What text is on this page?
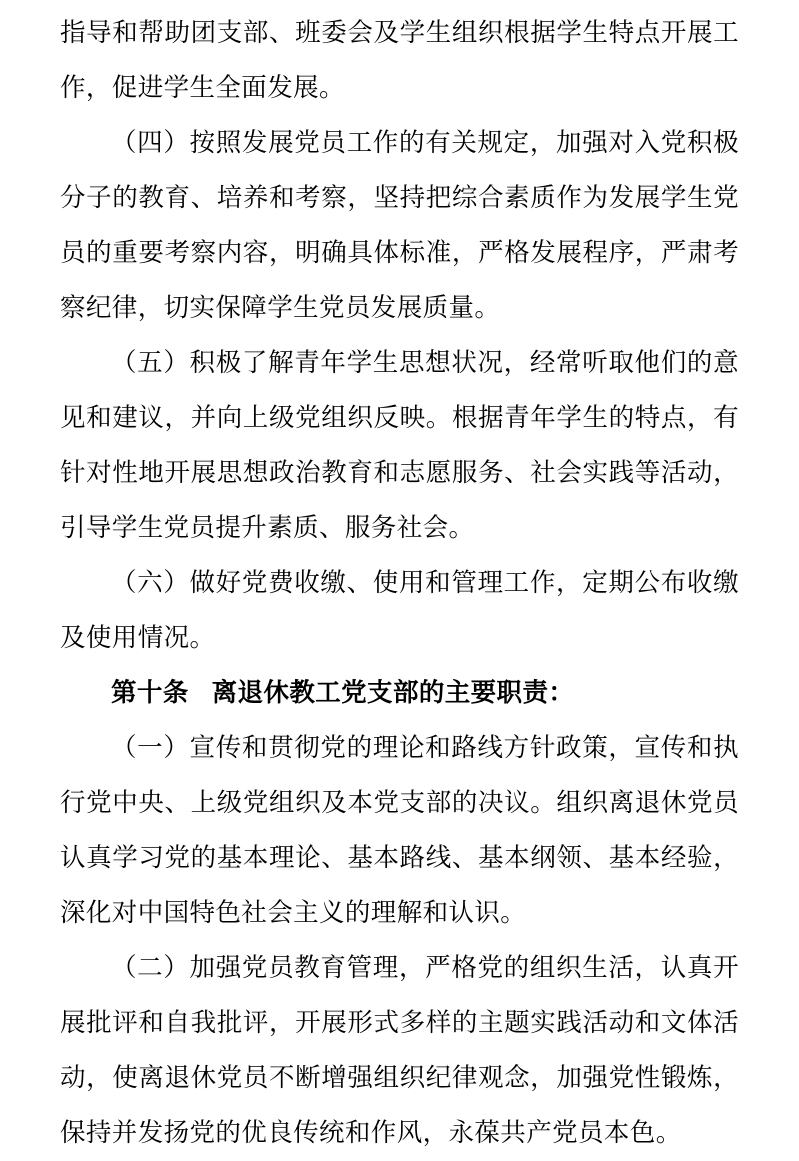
指导和帮助团支部、班委会及学生组织根据学生特点开展工作，促进学生全面发展。

（四）按照发展党员工作的有关规定，加强对入党积极分子的教育、培养和考察，坚持把综合素质作为发展学生党员的重要考察内容，明确具体标准，严格发展程序，严肃考察纪律，切实保障学生党员发展质量。

（五）积极了解青年学生思想状况，经常听取他们的意见和建议，并向上级党组织反映。根据青年学生的特点，有针对性地开展思想政治教育和志愿服务、社会实践等活动，引导学生党员提升素质、服务社会。

（六）做好党费收缴、使用和管理工作，定期公布收缴及使用情况。

第十条 离退休教工党支部的主要职责：

（一）宣传和贯彻党的理论和路线方针政策，宣传和执行党中央、上级党组织及本党支部的决议。组织离退休党员认真学习党的基本理论、基本路线、基本纲领、基本经验，深化对中国特色社会主义的理解和认识。

（二）加强党员教育管理，严格党的组织生活，认真开展批评和自我批评，开展形式多样的主题实践活动和文体活动，使离退休党员不断增强组织纪律观念，加强党性锻炼，保持并发扬党的优良传统和作风，永葆共产党员本色。
